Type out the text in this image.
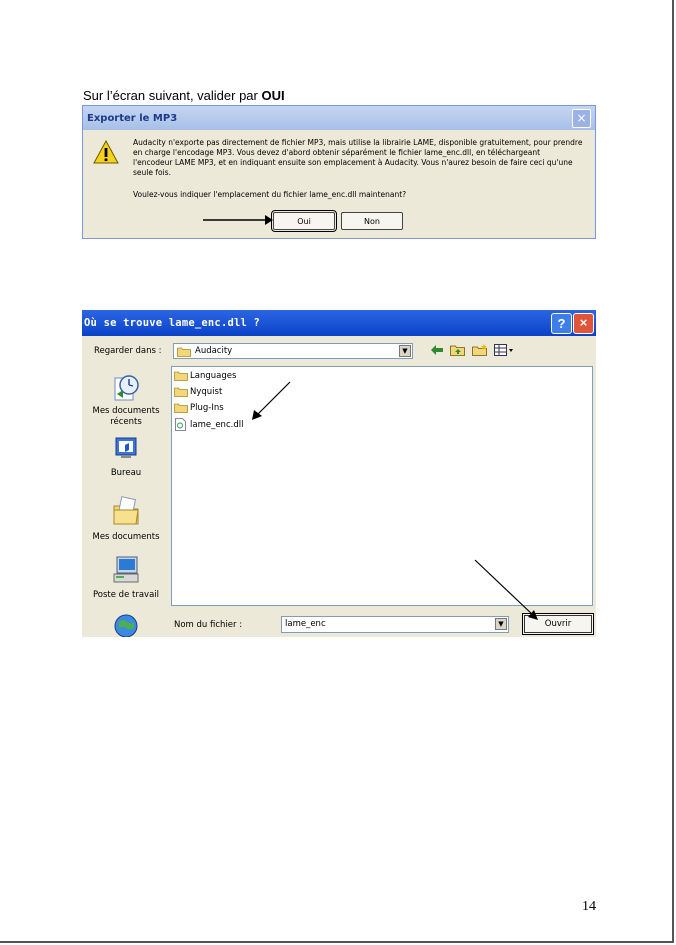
Sur l’écran suivant, valider par OUI
Exporter le MP3	×
Audacity n'exporte pas directement de fichier MP3, mais utilise la librairie LAME, disponible gratuitement, pour prendre
en charge l'encodage MP3. Vous devez d'abord obtenir séparément le fichier lame_enc.dll, en téléchargeant
l'encodeur LAME MP3, et en indiquant ensuite son emplacement à Audacity. Vous n'aurez besoin de faire ceci qu'une
seule fois.
Voulez-vous indiquer l'emplacement du fichier lame_enc.dll maintenant?
Oui	Non
Où se trouve lame_enc.dll ?	?	×
Regarder dans :	Audacity	▼
Mes documents récents
Bureau
Mes documents
Poste de travail
Languages
Nyquist
Plug-Ins
lame_enc.dll
Nom du fichier :	lame_enc	▼	Ouvrir
14
